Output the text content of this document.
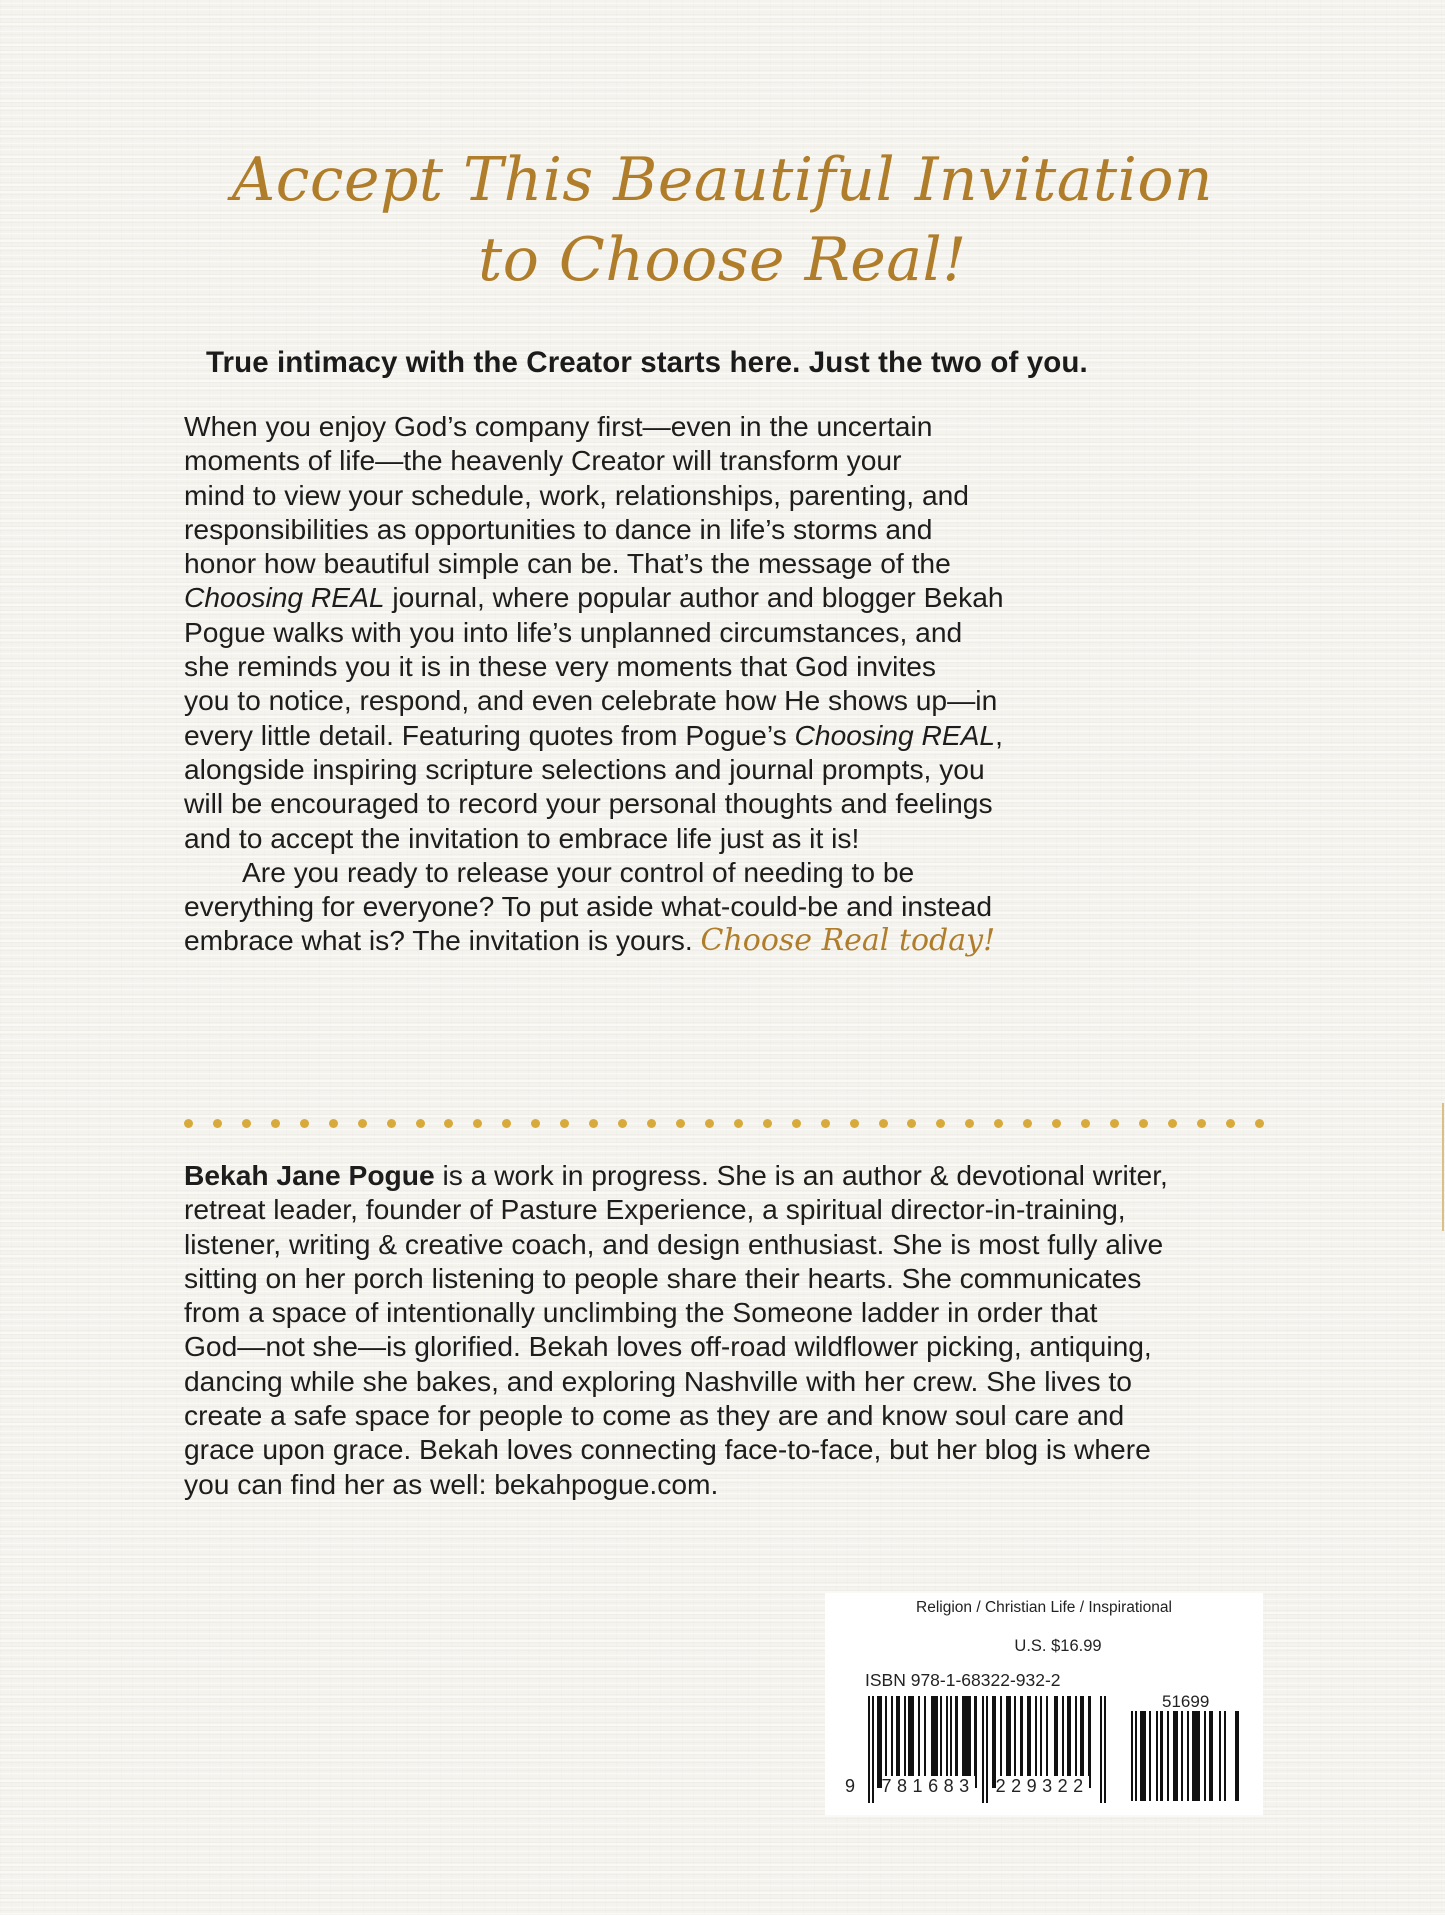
Accept This Beautiful Invitation
to Choose Real!
True intimacy with the Creator starts here. Just the two of you.
When you enjoy God’s company first—even in the uncertain
moments of life—the heavenly Creator will transform your
mind to view your schedule, work, relationships, parenting, and
responsibilities as opportunities to dance in life’s storms and
honor how beautiful simple can be. That’s the message of the
Choosing REAL journal, where popular author and blogger Bekah
Pogue walks with you into life’s unplanned circumstances, and
she reminds you it is in these very moments that God invites
you to notice, respond, and even celebrate how He shows up—in
every little detail. Featuring quotes from Pogue’s Choosing REAL,
alongside inspiring scripture selections and journal prompts, you
will be encouraged to record your personal thoughts and feelings
and to accept the invitation to embrace life just as it is!
Are you ready to release your control of needing to be
everything for everyone? To put aside what-could-be and instead
embrace what is? The invitation is yours. Choose Real today!
Bekah Jane Pogue is a work in progress. She is an author & devotional writer,
retreat leader, founder of Pasture Experience, a spiritual director-in-training,
listener, writing & creative coach, and design enthusiast. She is most fully alive
sitting on her porch listening to people share their hearts. She communicates
from a space of intentionally unclimbing the Someone ladder in order that
God—not she—is glorified. Bekah loves off-road wildflower picking, antiquing,
dancing while she bakes, and exploring Nashville with her crew. She lives to
create a safe space for people to come as they are and know soul care and
grace upon grace. Bekah loves connecting face-to-face, but her blog is where
you can find her as well: bekahpogue.com.
Religion / Christian Life / Inspirational
U.S. $16.99
ISBN 978-1-68322-932-2
51699
9 781683 229322
